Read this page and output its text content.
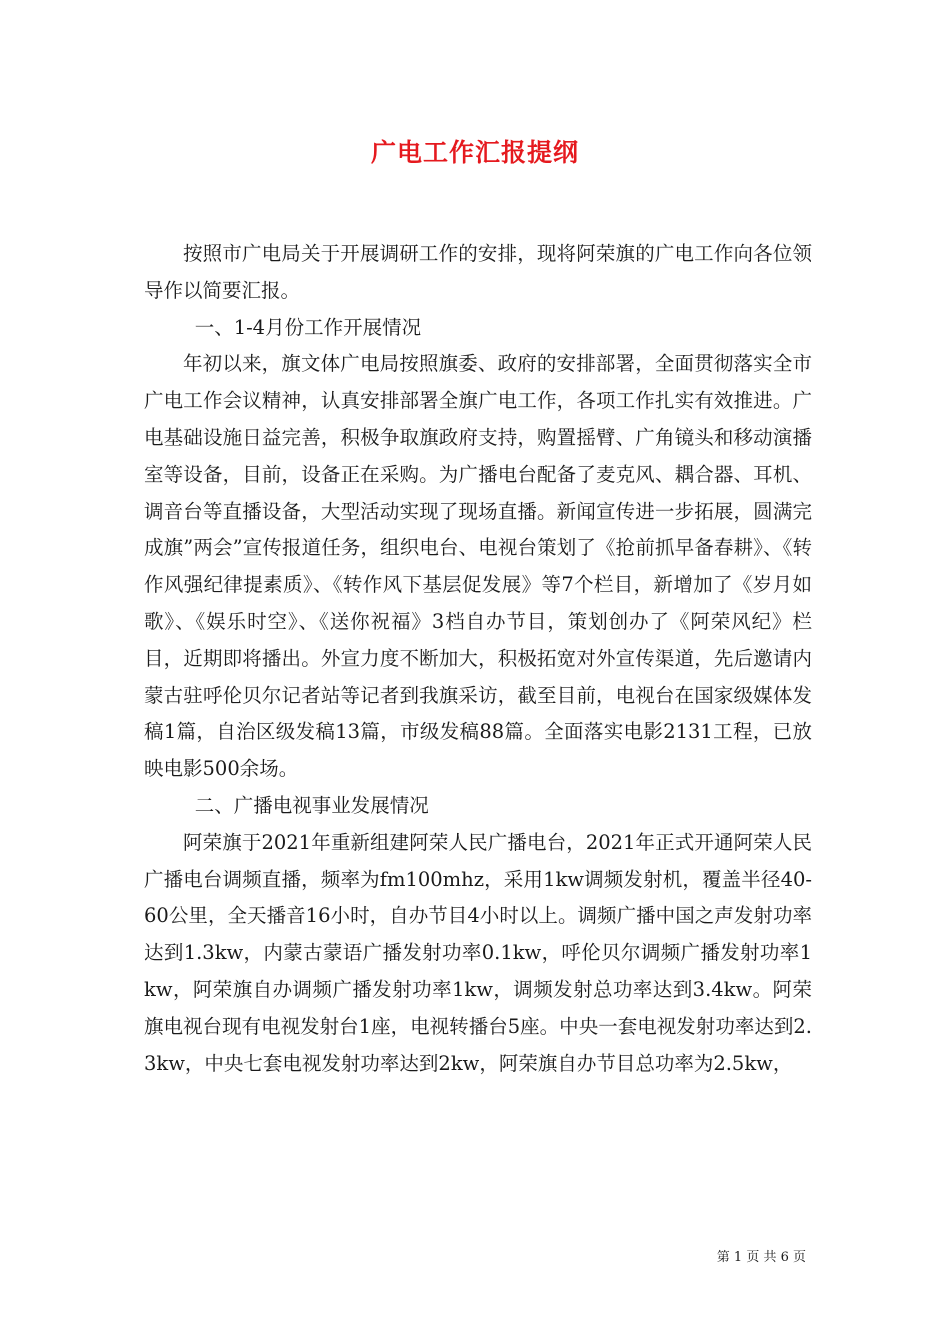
广电工作汇报提纲

按照市广电局关于开展调研工作的安排，现将阿荣旗的广电工作向各位领导作以简要汇报。

一、1-4月份工作开展情况

年初以来，旗文体广电局按照旗委、政府的安排部署，全面贯彻落实全市广电工作会议精神，认真安排部署全旗广电工作，各项工作扎实有效推进。广电基础设施日益完善，积极争取旗政府支持，购置摇臂、广角镜头和移动演播室等设备，目前，设备正在采购。为广播电台配备了麦克风、耦合器、耳机、调音台等直播设备，大型活动实现了现场直播。新闻宣传进一步拓展，圆满完成旗”两会”宣传报道任务，组织电台、电视台策划了《抢前抓早备春耕》、《转作风强纪律提素质》、《转作风下基层促发展》等7个栏目，新增加了《岁月如歌》、《娱乐时空》、《送你祝福》3档自办节目，策划创办了《阿荣风纪》栏目，近期即将播出。外宣力度不断加大，积极拓宽对外宣传渠道，先后邀请内蒙古驻呼伦贝尔记者站等记者到我旗采访，截至目前，电视台在国家级媒体发稿1篇，自治区级发稿13篇，市级发稿88篇。全面落实电影2131工程，已放映电影500余场。

二、广播电视事业发展情况

阿荣旗于2021年重新组建阿荣人民广播电台，2021年正式开通阿荣人民广播电台调频直播，频率为fm100mhz，采用1kw调频发射机，覆盖半径40-60公里，全天播音16小时，自办节目4小时以上。调频广播中国之声发射功率达到1.3kw，内蒙古蒙语广播发射功率0.1kw，呼伦贝尔调频广播发射功率1kw，阿荣旗自办调频广播发射功率1kw，调频发射总功率达到3.4kw。阿荣旗电视台现有电视发射台1座，电视转播台5座。中央一套电视发射功率达到2.3kw，中央七套电视发射功率达到2kw，阿荣旗自办节目总功率为2.5kw，

第 1 页 共 6 页
